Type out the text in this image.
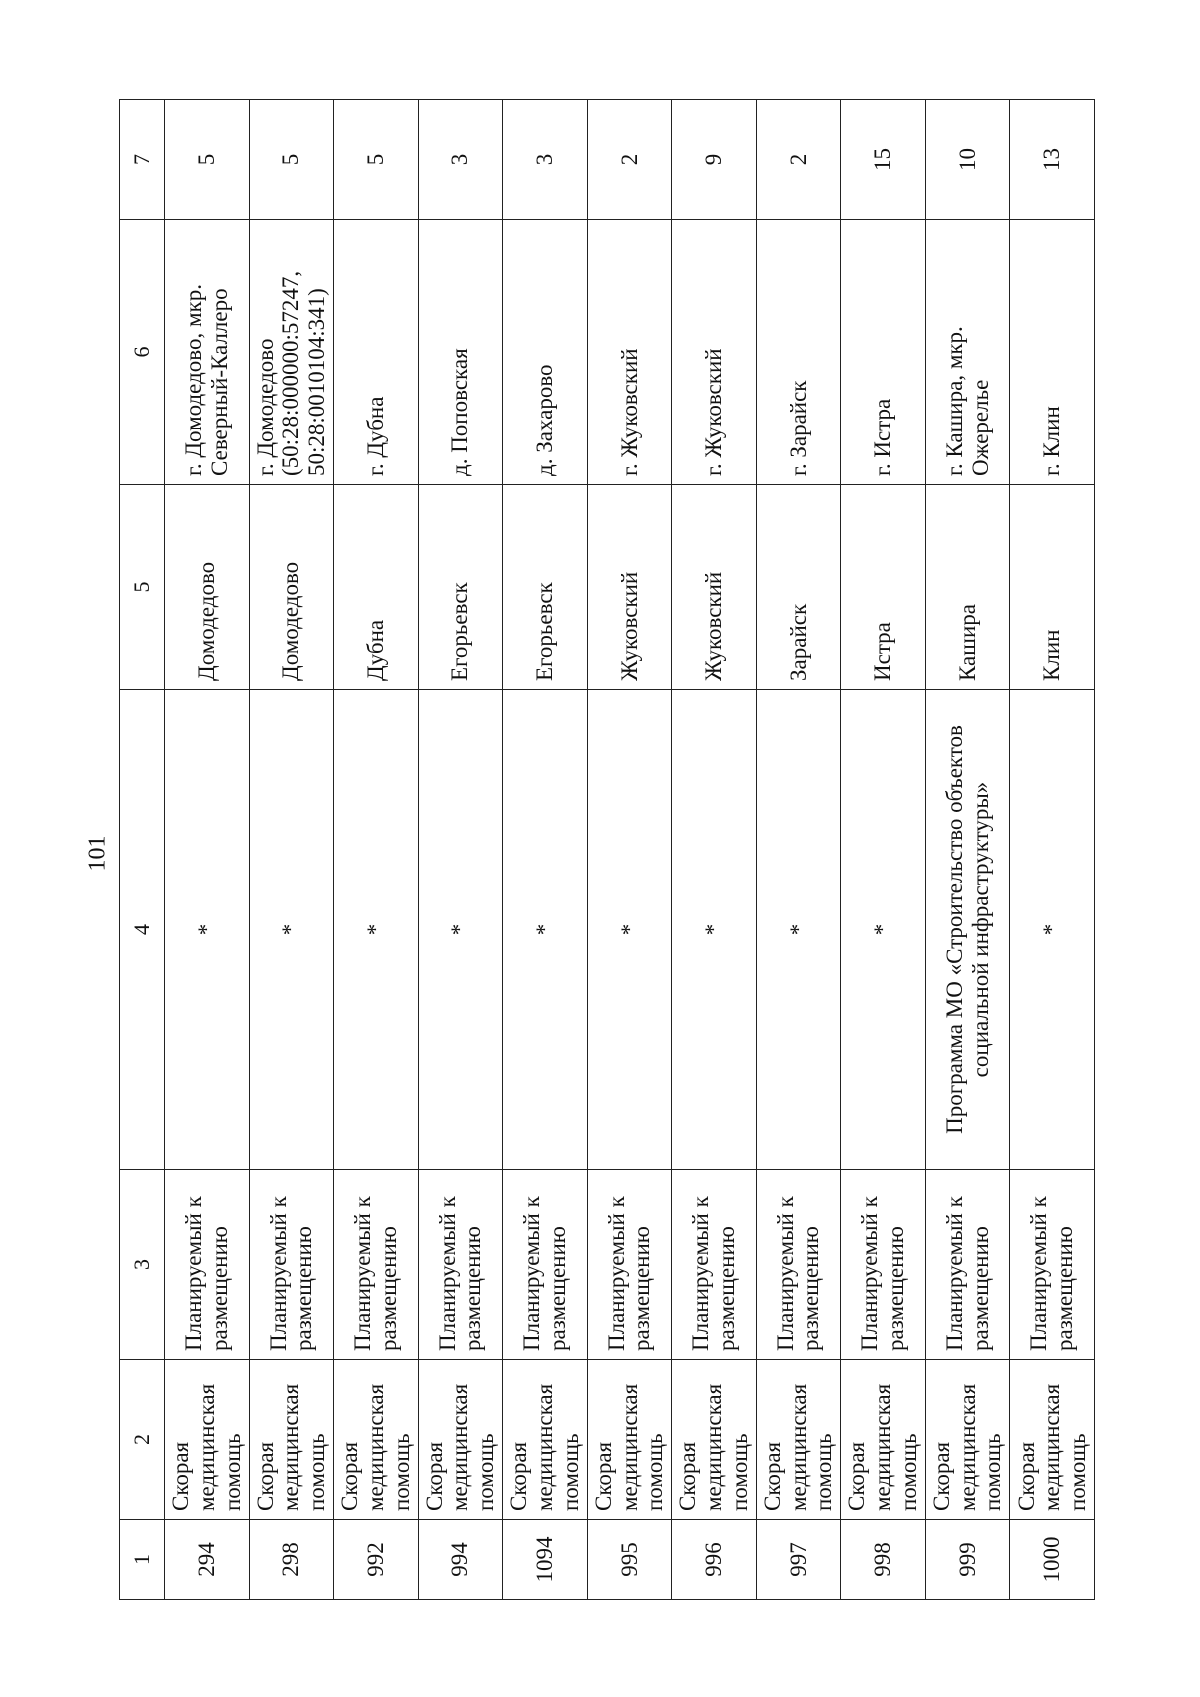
101
1	2	3	4	5	6	7
294	Скорая медицинская помощь	Планируемый к размещению	*	Домодедово	г. Домодедово, мкр. Северный-Каллеро	5
298	Скорая медицинская помощь	Планируемый к размещению	*	Домодедово	г. Домодедово (50:28:000000:57247, 50:28:0010104:341)	5
992	Скорая медицинская помощь	Планируемый к размещению	*	Дубна	г. Дубна	5
994	Скорая медицинская помощь	Планируемый к размещению	*	Егорьевск	д. Поповская	3
1094	Скорая медицинская помощь	Планируемый к размещению	*	Егорьевск	д. Захарово	3
995	Скорая медицинская помощь	Планируемый к размещению	*	Жуковский	г. Жуковский	2
996	Скорая медицинская помощь	Планируемый к размещению	*	Жуковский	г. Жуковский	9
997	Скорая медицинская помощь	Планируемый к размещению	*	Зарайск	г. Зарайск	2
998	Скорая медицинская помощь	Планируемый к размещению	*	Истра	г. Истра	15
999	Скорая медицинская помощь	Планируемый к размещению	Программа МО «Строительство объектов социальной инфраструктуры»	Кашира	г. Кашира, мкр. Ожерелье	10
1000	Скорая медицинская помощь	Планируемый к размещению	*	Клин	г. Клин	13
